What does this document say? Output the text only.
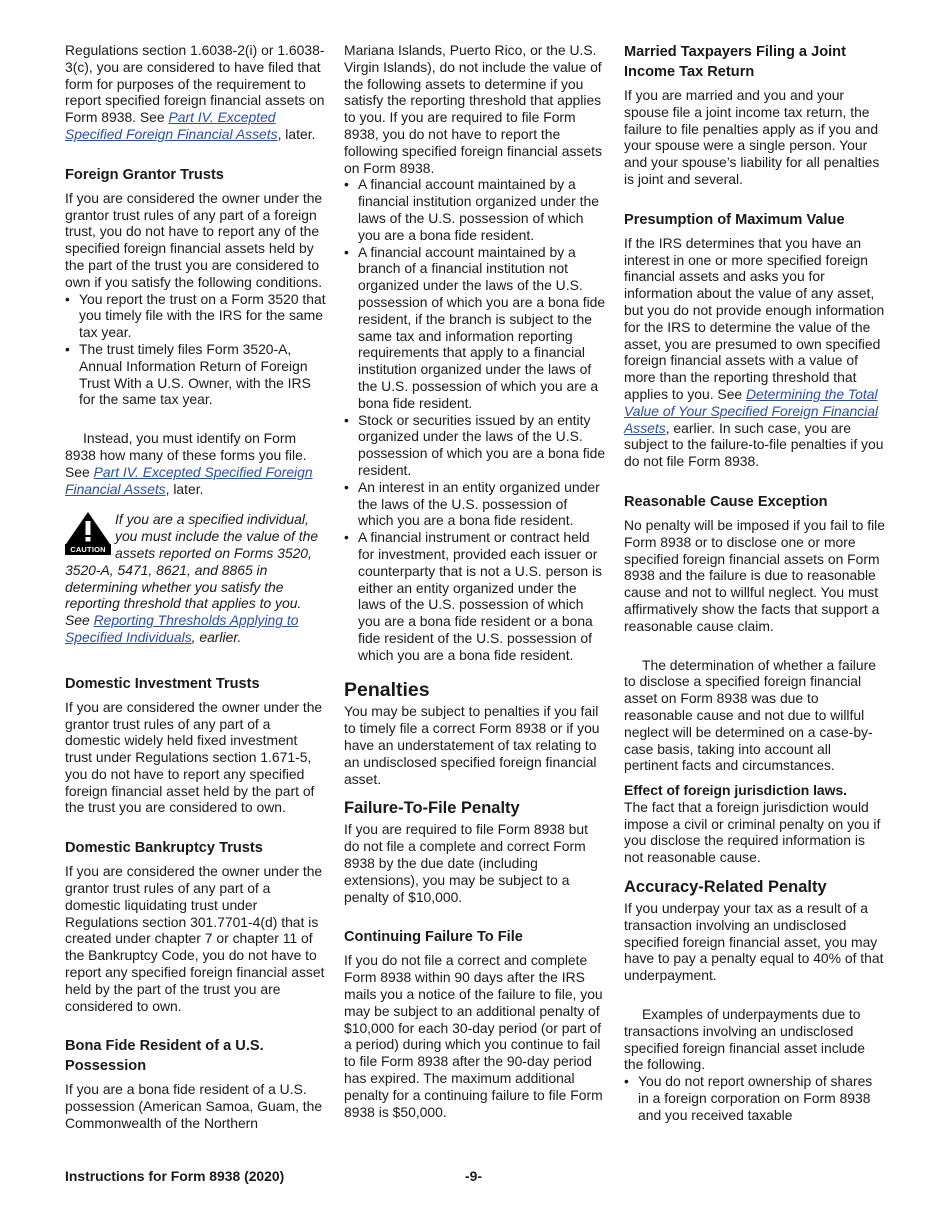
Regulations section 1.6038-2(i) or 1.6038-3(c), you are considered to have filed that form for purposes of the requirement to report specified foreign financial assets on Form 8938. See Part IV. Excepted Specified Foreign Financial Assets, later.

Foreign Grantor Trusts

If you are considered the owner under the grantor trust rules of any part of a foreign trust, you do not have to report any of the specified foreign financial assets held by the part of the trust you are considered to own if you satisfy the following conditions.

• You report the trust on a Form 3520 that you timely file with the IRS for the same tax year.
• The trust timely files Form 3520-A, Annual Information Return of Foreign Trust With a U.S. Owner, with the IRS for the same tax year.

Instead, you must identify on Form 8938 how many of these forms you file. See Part IV. Excepted Specified Foreign Financial Assets, later.

CAUTION
If you are a specified individual, you must include the value of the assets reported on Forms 3520, 3520-A, 5471, 8621, and 8865 in determining whether you satisfy the reporting threshold that applies to you. See Reporting Thresholds Applying to Specified Individuals, earlier.
Domestic Investment Trusts

If you are considered the owner under the grantor trust rules of any part of a domestic widely held fixed investment trust under Regulations section 1.671-5, you do not have to report any specified foreign financial asset held by the part of the trust you are considered to own.

Domestic Bankruptcy Trusts

If you are considered the owner under the grantor trust rules of any part of a domestic liquidating trust under Regulations section 301.7701-4(d) that is created under chapter 7 or chapter 11 of the Bankruptcy Code, you do not have to report any specified foreign financial asset held by the part of the trust you are considered to own.

Bona Fide Resident of a U.S. Possession

If you are a bona fide resident of a U.S. possession (American Samoa, Guam, the Commonwealth of the Northern

Mariana Islands, Puerto Rico, or the U.S. Virgin Islands), do not include the value of the following assets to determine if you satisfy the reporting threshold that applies to you. If you are required to file Form 8938, you do not have to report the following specified foreign financial assets on Form 8938.

• A financial account maintained by a financial institution organized under the laws of the U.S. possession of which you are a bona fide resident.
• A financial account maintained by a branch of a financial institution not organized under the laws of the U.S. possession of which you are a bona fide resident, if the branch is subject to the same tax and information reporting requirements that apply to a financial institution organized under the laws of the U.S. possession of which you are a bona fide resident.
• Stock or securities issued by an entity organized under the laws of the U.S. possession of which you are a bona fide resident.
• An interest in an entity organized under the laws of the U.S. possession of which you are a bona fide resident.
• A financial instrument or contract held for investment, provided each issuer or counterparty that is not a U.S. person is either an entity organized under the laws of the U.S. possession of which you are a bona fide resident or a bona fide resident of the U.S. possession of which you are a bona fide resident.
Penalties

You may be subject to penalties if you fail to timely file a correct Form 8938 or if you have an understatement of tax relating to an undisclosed specified foreign financial asset.

Failure-To-File Penalty

If you are required to file Form 8938 but do not file a complete and correct Form 8938 by the due date (including extensions), you may be subject to a penalty of $10,000.

Continuing Failure To File

If you do not file a correct and complete Form 8938 within 90 days after the IRS mails you a notice of the failure to file, you may be subject to an additional penalty of $10,000 for each 30-day period (or part of a period) during which you continue to fail to file Form 8938 after the 90-day period has expired. The maximum additional penalty for a continuing failure to file Form 8938 is $50,000.

Married Taxpayers Filing a Joint Income Tax Return

If you are married and you and your spouse file a joint income tax return, the failure to file penalties apply as if you and your spouse were a single person. Your and your spouse’s liability for all penalties is joint and several.

Presumption of Maximum Value

If the IRS determines that you have an interest in one or more specified foreign financial assets and asks you for information about the value of any asset, but you do not provide enough information for the IRS to determine the value of the asset, you are presumed to own specified foreign financial assets with a value of more than the reporting threshold that applies to you. See Determining the Total Value of Your Specified Foreign Financial Assets, earlier. In such case, you are subject to the failure-to-file penalties if you do not file Form 8938.

Reasonable Cause Exception

No penalty will be imposed if you fail to file Form 8938 or to disclose one or more specified foreign financial assets on Form 8938 and the failure is due to reasonable cause and not to willful neglect. You must affirmatively show the facts that support a reasonable cause claim.

The determination of whether a failure to disclose a specified foreign financial asset on Form 8938 was due to reasonable cause and not due to willful neglect will be determined on a case-by-case basis, taking into account all pertinent facts and circumstances.

Effect of foreign jurisdiction laws.
The fact that a foreign jurisdiction would impose a civil or criminal penalty on you if you disclose the required information is not reasonable cause.

Accuracy-Related Penalty

If you underpay your tax as a result of a transaction involving an undisclosed specified foreign financial asset, you may have to pay a penalty equal to 40% of that underpayment.

Examples of underpayments due to transactions involving an undisclosed specified foreign financial asset include the following.

• You do not report ownership of shares in a foreign corporation on Form 8938 and you received taxable
Instructions for Form 8938 (2020)	-9-
